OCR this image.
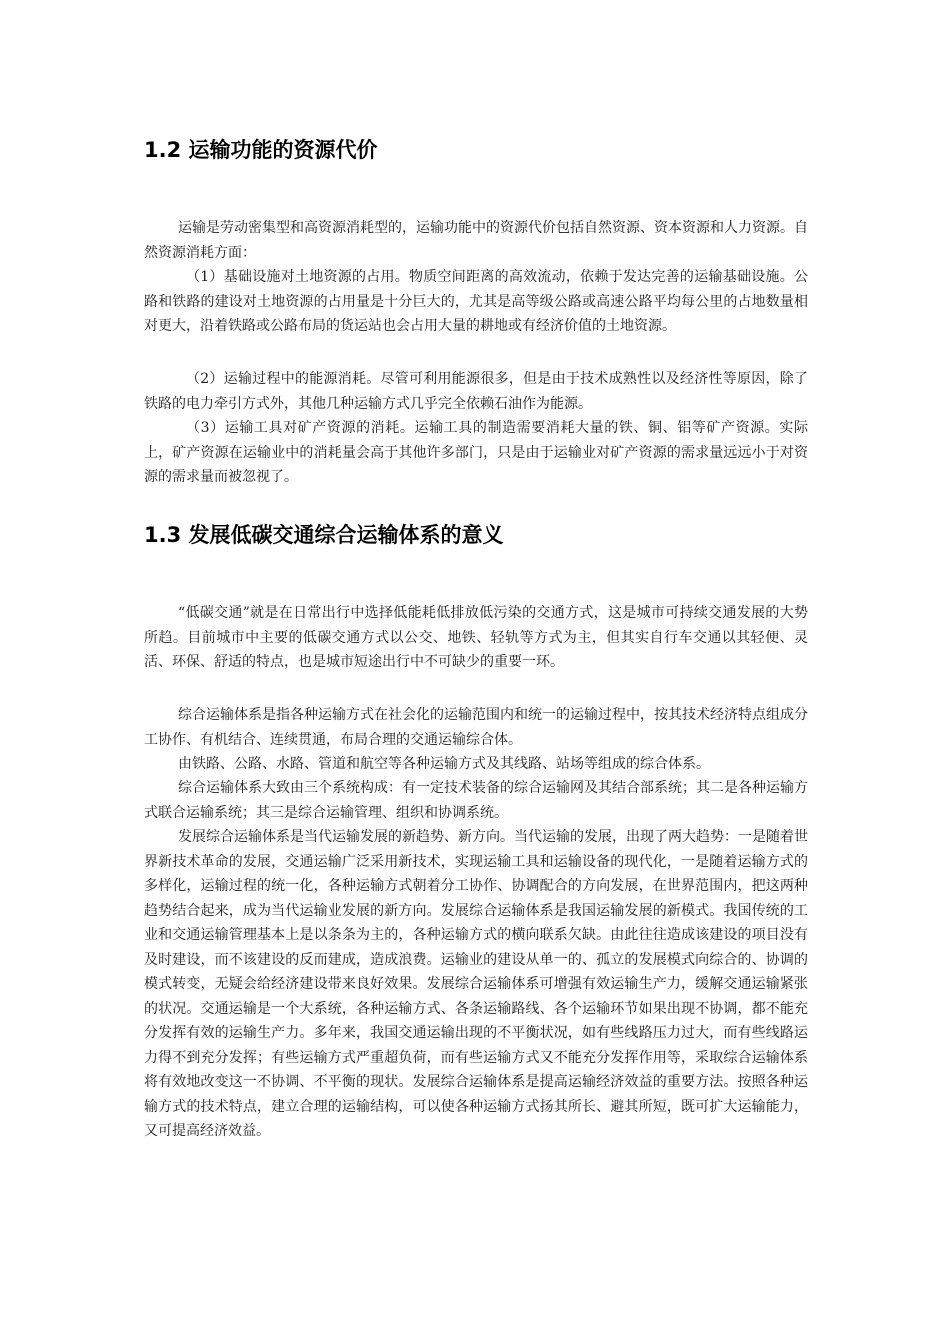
1.2 运输功能的资源代价

运输是劳动密集型和高资源消耗型的，运输功能中的资源代价包括自然资源、资本资源和人力资源。自然资源消耗方面：

（1）基础设施对土地资源的占用。物质空间距离的高效流动，依赖于发达完善的运输基础设施。公路和铁路的建设对土地资源的占用量是十分巨大的，尤其是高等级公路或高速公路平均每公里的占地数量相对更大，沿着铁路或公路布局的货运站也会占用大量的耕地或有经济价值的土地资源。

（2）运输过程中的能源消耗。尽管可利用能源很多，但是由于技术成熟性以及经济性等原因，除了铁路的电力牵引方式外，其他几种运输方式几乎完全依赖石油作为能源。

（3）运输工具对矿产资源的消耗。运输工具的制造需要消耗大量的铁、铜、铝等矿产资源。实际上，矿产资源在运输业中的消耗量会高于其他许多部门，只是由于运输业对矿产资源的需求量远远小于对资源的需求量而被忽视了。

1.3 发展低碳交通综合运输体系的意义

“低碳交通”就是在日常出行中选择低能耗低排放低污染的交通方式，这是城市可持续交通发展的大势所趋。目前城市中主要的低碳交通方式以公交、地铁、轻轨等方式为主，但其实自行车交通以其轻便、灵活、环保、舒适的特点，也是城市短途出行中不可缺少的重要一环。

综合运输体系是指各种运输方式在社会化的运输范围内和统一的运输过程中，按其技术经济特点组成分工协作、有机结合、连续贯通，布局合理的交通运输综合体。

由铁路、公路、水路、管道和航空等各种运输方式及其线路、站场等组成的综合体系。

综合运输体系大致由三个系统构成：有一定技术装备的综合运输网及其结合部系统；其二是各种运输方式联合运输系统；其三是综合运输管理、组织和协调系统。

发展综合运输体系是当代运输发展的新趋势、新方向。当代运输的发展，出现了两大趋势：一是随着世界新技术革命的发展，交通运输广泛采用新技术，实现运输工具和运输设备的现代化，一是随着运输方式的多样化，运输过程的统一化，各种运输方式朝着分工协作、协调配合的方向发展，在世界范围内，把这两种趋势结合起来，成为当代运输业发展的新方向。发展综合运输体系是我国运输发展的新模式。我国传统的工业和交通运输管理基本上是以条条为主的，各种运输方式的横向联系欠缺。由此往往造成该建设的项目没有及时建设，而不该建设的反而建成，造成浪费。运输业的建设从单一的、孤立的发展模式向综合的、协调的模式转变，无疑会给经济建设带来良好效果。发展综合运输体系可增强有效运输生产力，缓解交通运输紧张的状况。交通运输是一个大系统，各种运输方式、各条运输路线、各个运输环节如果出现不协调，都不能充分发挥有效的运输生产力。多年来，我国交通运输出现的不平衡状况，如有些线路压力过大，而有些线路运力得不到充分发挥；有些运输方式严重超负荷，而有些运输方式又不能充分发挥作用等，采取综合运输体系将有效地改变这一不协调、不平衡的现状。发展综合运输体系是提高运输经济效益的重要方法。按照各种运输方式的技术特点，建立合理的运输结构，可以使各种运输方式扬其所长、避其所短，既可扩大运输能力，又可提高经济效益。
